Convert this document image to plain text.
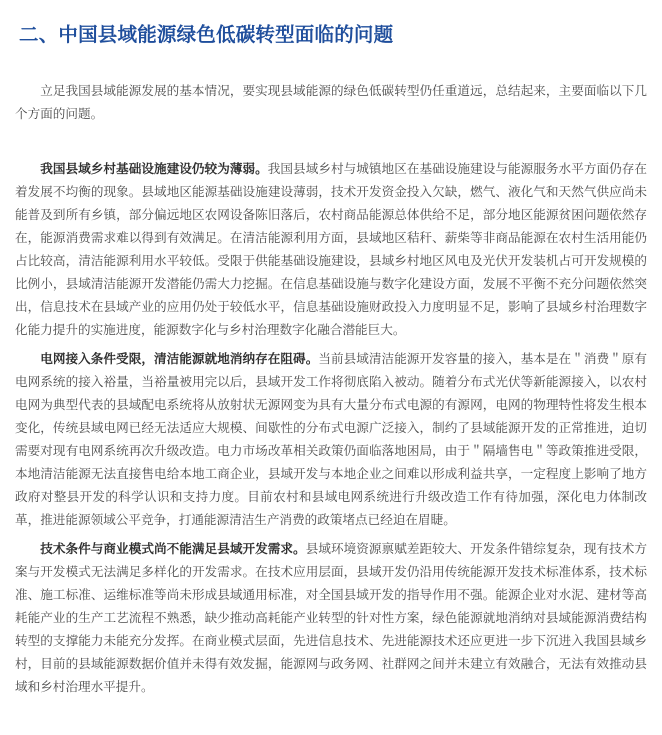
二、中国县域能源绿色低碳转型面临的问题

立足我国县域能源发展的基本情况，要实现县域能源的绿色低碳转型仍任重道远，总结起来，主要面临以下几个方面的问题。

我国县域乡村基础设施建设仍较为薄弱。我国县域乡村与城镇地区在基础设施建设与能源服务水平方面仍存在着发展不均衡的现象。县域地区能源基础设施建设薄弱，技术开发资金投入欠缺，燃气、液化气和天然气供应尚未能普及到所有乡镇，部分偏远地区农网设备陈旧落后，农村商品能源总体供给不足，部分地区能源贫困问题依然存在，能源消费需求难以得到有效满足。在清洁能源利用方面，县域地区秸秆、薪柴等非商品能源在农村生活用能仍占比较高，清洁能源利用水平较低。受限于供能基础设施建设，县域乡村地区风电及光伏开发装机占可开发规模的比例小，县域清洁能源开发潜能仍需大力挖掘。在信息基础设施与数字化建设方面，发展不平衡不充分问题依然突出，信息技术在县域产业的应用仍处于较低水平，信息基础设施财政投入力度明显不足，影响了县域乡村治理数字化能力提升的实施进度，能源数字化与乡村治理数字化融合潜能巨大。

电网接入条件受限，清洁能源就地消纳存在阻碍。当前县域清洁能源开发容量的接入，基本是在＂消费＂原有电网系统的接入裕量，当裕量被用完以后，县域开发工作将彻底陷入被动。随着分布式光伏等新能源接入，以农村电网为典型代表的县域配电系统将从放射状无源网变为具有大量分布式电源的有源网，电网的物理特性将发生根本变化，传统县域电网已经无法适应大规模、间歇性的分布式电源广泛接入，制约了县域能源开发的正常推进，迫切需要对现有电网系统再次升级改造。电力市场改革相关政策仍面临落地困局，由于＂隔墙售电＂等政策推进受限，本地清洁能源无法直接售电给本地工商企业，县域开发与本地企业之间难以形成利益共享，一定程度上影响了地方政府对整县开发的科学认识和支持力度。目前农村和县域电网系统进行升级改造工作有待加强，深化电力体制改革，推进能源领域公平竞争，打通能源清洁生产消费的政策堵点已经迫在眉睫。

技术条件与商业模式尚不能满足县域开发需求。县域环境资源禀赋差距较大、开发条件错综复杂，现有技术方案与开发模式无法满足多样化的开发需求。在技术应用层面，县域开发仍沿用传统能源开发技术标准体系，技术标准、施工标准、运维标准等尚未形成县域通用标准，对全国县域开发的指导作用不强。能源企业对水泥、建材等高耗能产业的生产工艺流程不熟悉，缺少推动高耗能产业转型的针对性方案，绿色能源就地消纳对县域能源消费结构转型的支撑能力未能充分发挥。在商业模式层面，先进信息技术、先进能源技术还应更进一步下沉进入我国县域乡村，目前的县域能源数据价值并未得有效发掘，能源网与政务网、社群网之间并未建立有效融合，无法有效推动县域和乡村治理水平提升。
